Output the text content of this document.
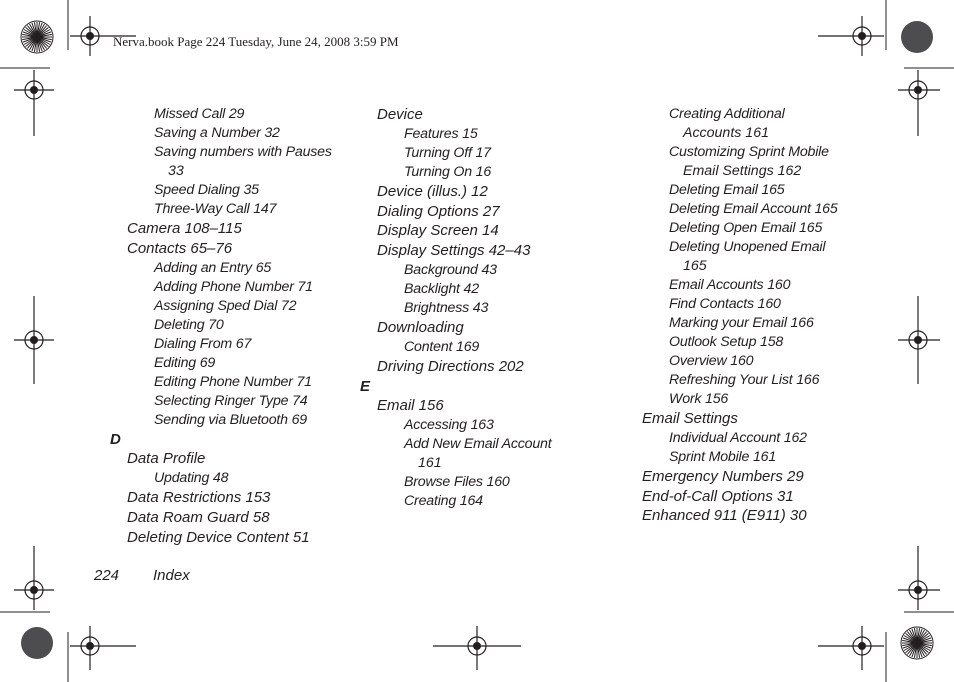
Nerva.book Page 224 Tuesday, June 24, 2008 3:59 PM
Missed Call 29
Saving a Number 32
Saving numbers with Pauses
33
Speed Dialing 35
Three-Way Call 147
Camera 108–115
Contacts 65–76
Adding an Entry 65
Adding Phone Number 71
Assigning Sped Dial 72
Deleting 70
Dialing From 67
Editing 69
Editing Phone Number 71
Selecting Ringer Type 74
Sending via Bluetooth 69
D
Data Profile
Updating 48
Data Restrictions 153
Data Roam Guard 58
Deleting Device Content 51
Device
Features 15
Turning Off 17
Turning On 16
Device (illus.) 12
Dialing Options 27
Display Screen 14
Display Settings 42–43
Background 43
Backlight 42
Brightness 43
Downloading
Content 169
Driving Directions 202
E
Email 156
Accessing 163
Add New Email Account
161
Browse Files 160
Creating 164
Creating Additional
Accounts 161
Customizing Sprint Mobile
Email Settings 162
Deleting Email 165
Deleting Email Account 165
Deleting Open Email 165
Deleting Unopened Email
165
Email Accounts 160
Find Contacts 160
Marking your Email 166
Outlook Setup 158
Overview 160
Refreshing Your List 166
Work 156
Email Settings
Individual Account 162
Sprint Mobile 161
Emergency Numbers 29
End-of-Call Options 31
Enhanced 911 (E911) 30
224 Index
